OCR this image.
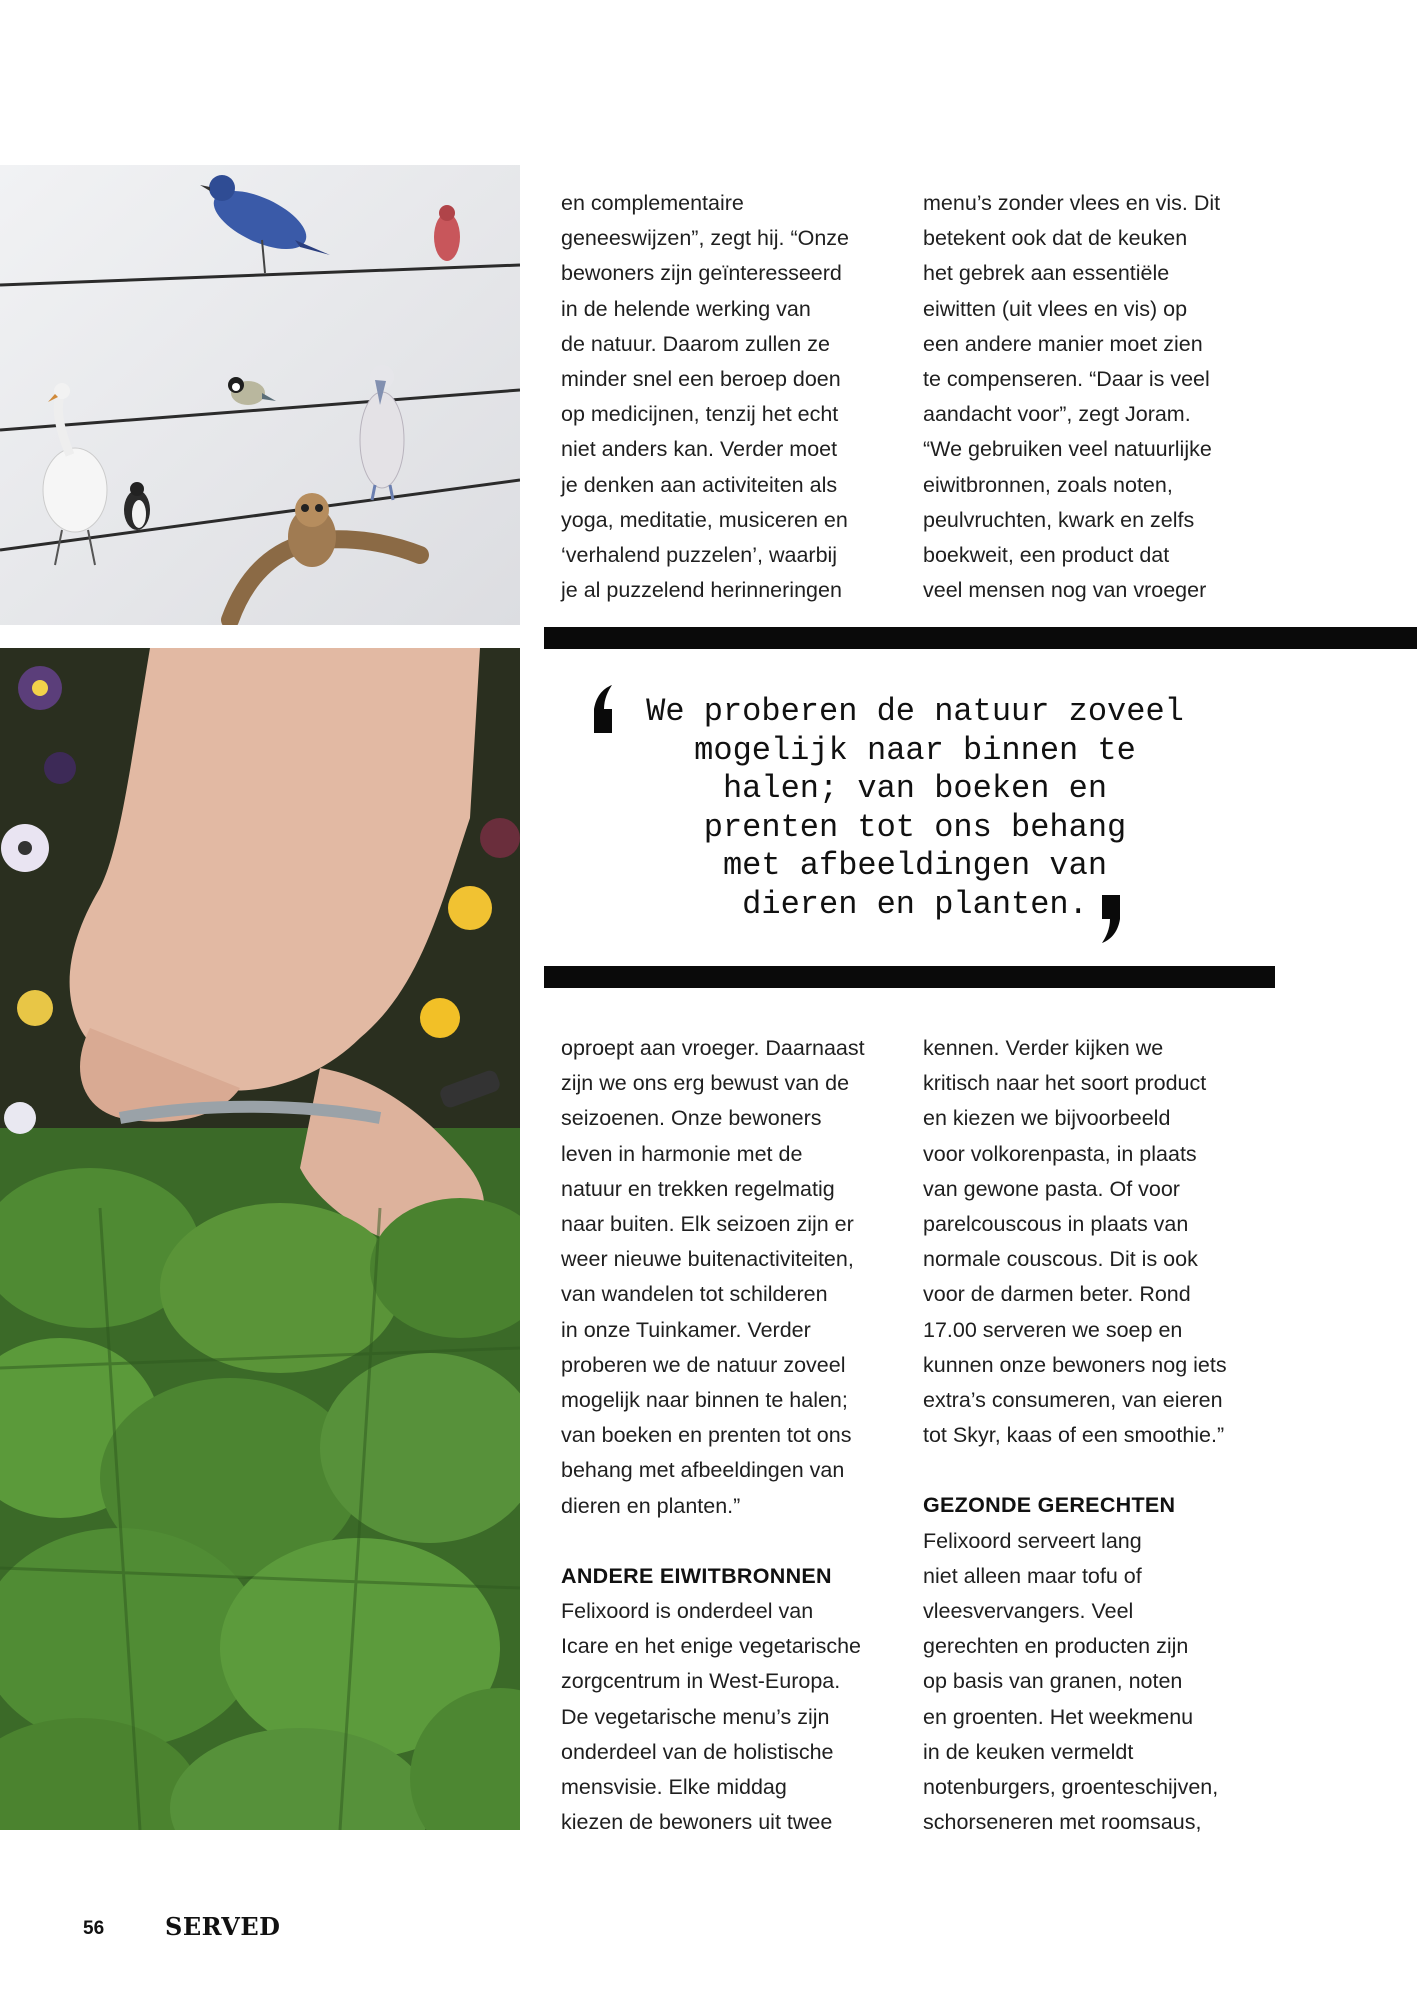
en complementaire
geneeswijzen”, zegt hij. “Onze
bewoners zijn geïnteresseerd
in de helende werking van
de natuur. Daarom zullen ze
minder snel een beroep doen
op medicijnen, tenzij het echt
niet anders kan. Verder moet
je denken aan activiteiten als
yoga, meditatie, musiceren en
‘verhalend puzzelen’, waarbij
je al puzzelend herinneringen

menu’s zonder vlees en vis. Dit
betekent ook dat de keuken
het gebrek aan essentiële
eiwitten (uit vlees en vis) op
een andere manier moet zien
te compenseren. “Daar is veel
aandacht voor”, zegt Joram.
“We gebruiken veel natuurlijke
eiwitbronnen, zoals noten,
peulvruchten, kwark en zelfs
boekweit, een product dat
veel mensen nog van vroeger

We proberen de natuur zoveel
mogelijk naar binnen te
halen; van boeken en
prenten tot ons behang
met afbeeldingen van
dieren en planten.

oproept aan vroeger. Daarnaast
zijn we ons erg bewust van de
seizoenen. Onze bewoners
leven in harmonie met de
natuur en trekken regelmatig
naar buiten. Elk seizoen zijn er
weer nieuwe buitenactiviteiten,
van wandelen tot schilderen
in onze Tuinkamer. Verder
proberen we de natuur zoveel
mogelijk naar binnen te halen;
van boeken en prenten tot ons
behang met afbeeldingen van
dieren en planten.”

ANDERE EIWITBRONNEN

Felixoord is onderdeel van
Icare en het enige vegetarische
zorgcentrum in West-Europa.
De vegetarische menu’s zijn
onderdeel van de holistische
mensvisie. Elke middag
kiezen de bewoners uit twee

kennen. Verder kijken we
kritisch naar het soort product
en kiezen we bijvoorbeeld
voor volkorenpasta, in plaats
van gewone pasta. Of voor
parelcouscous in plaats van
normale couscous. Dit is ook
voor de darmen beter. Rond
17.00 serveren we soep en
kunnen onze bewoners nog iets
extra’s consumeren, van eieren
tot Skyr, kaas of een smoothie.”

GEZONDE GERECHTEN

Felixoord serveert lang
niet alleen maar tofu of
vleesvervangers. Veel
gerechten en producten zijn
op basis van granen, noten
en groenten. Het weekmenu
in de keuken vermeldt
notenburgers, groenteschijven,
schorseneren met roomsaus,

56	SERVED
